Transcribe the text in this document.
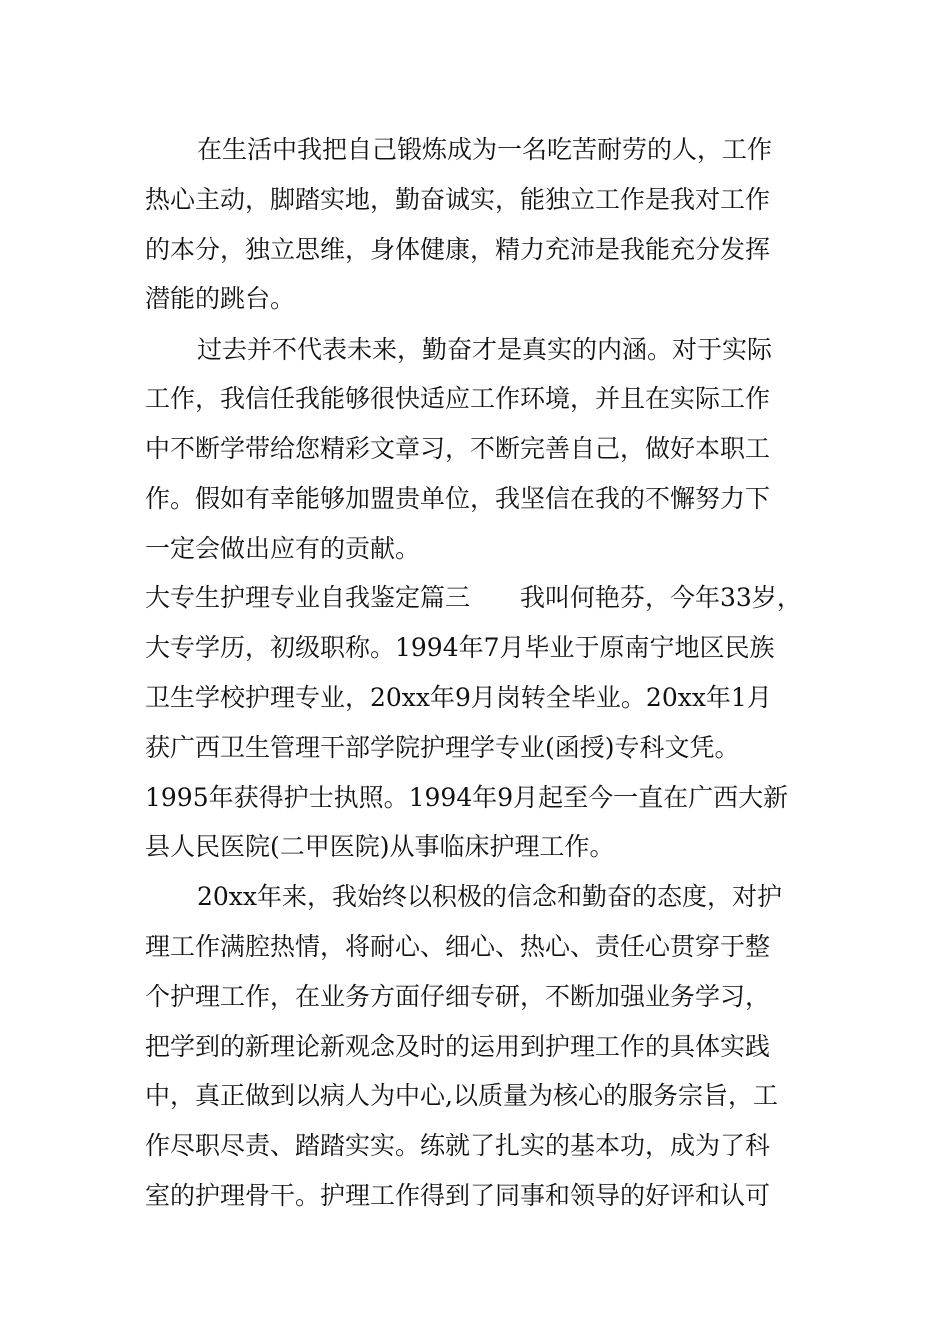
在生活中我把自己锻炼成为一名吃苦耐劳的人，工作
热心主动，脚踏实地，勤奋诚实，能独立工作是我对工作
的本分，独立思维，身体健康，精力充沛是我能充分发挥
潜能的跳台。
过去并不代表未来，勤奋才是真实的内涵。对于实际
工作，我信任我能够很快适应工作环境，并且在实际工作
中不断学带给您精彩文章习，不断完善自己，做好本职工
作。假如有幸能够加盟贵单位，我坚信在我的不懈努力下
一定会做出应有的贡献。
大专生护理专业自我鉴定篇三　　我叫何艳芬，今年33岁，
大专学历，初级职称。1994年7月毕业于原南宁地区民族
卫生学校护理专业，20xx年9月岗转全毕业。20xx年1月
获广西卫生管理干部学院护理学专业(函授)专科文凭。
1995年获得护士执照。1994年9月起至今一直在广西大新
县人民医院(二甲医院)从事临床护理工作。
20xx年来，我始终以积极的信念和勤奋的态度，对护
理工作满腔热情，将耐心、细心、热心、责任心贯穿于整
个护理工作，在业务方面仔细专研，不断加强业务学习，
把学到的新理论新观念及时的运用到护理工作的具体实践
中，真正做到以病人为中心,以质量为核心的服务宗旨，工
作尽职尽责、踏踏实实。练就了扎实的基本功，成为了科
室的护理骨干。护理工作得到了同事和领导的好评和认可
